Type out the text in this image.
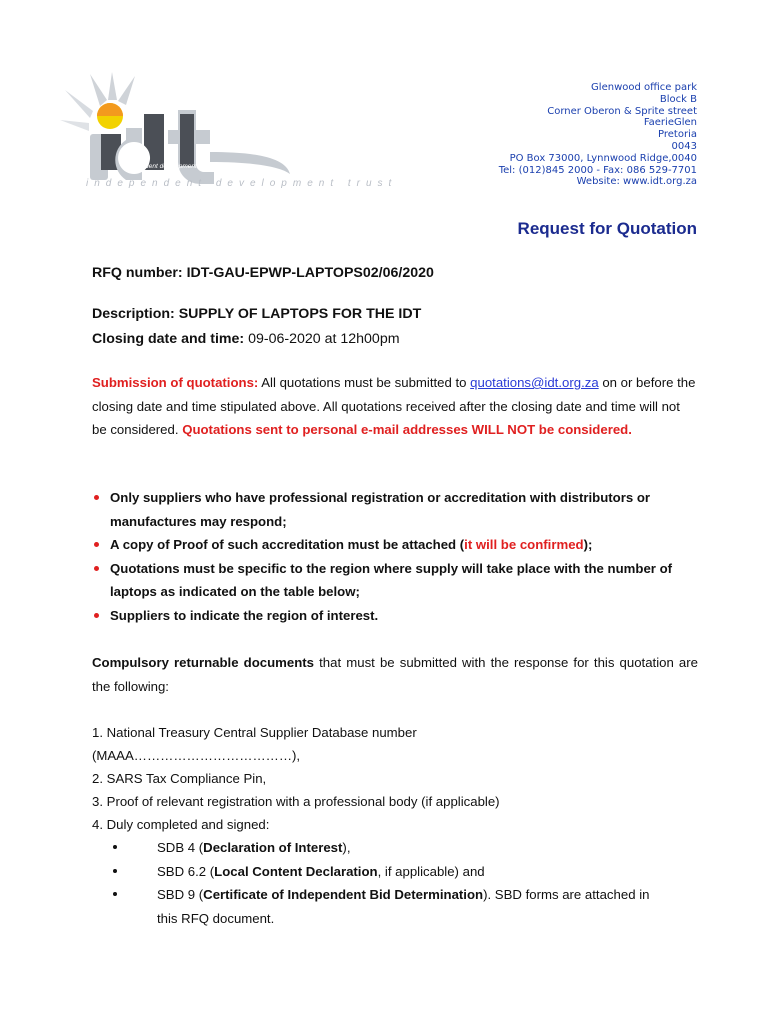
independent development trust
independent development trust
Glenwood office park
Block B
Corner Oberon & Sprite street
FaerieGlen
Pretoria
0043
PO Box 73000, Lynnwood Ridge,0040
Tel: (012)845 2000 - Fax: 086 529-7701
Website: www.idt.org.za
Request for Quotation
RFQ number: IDT-GAU-EPWP-LAPTOPS02/06/2020
Description: SUPPLY OF LAPTOPS FOR THE IDT
Closing date and time: 09-06-2020 at 12h00pm
Submission of quotations: All quotations must be submitted to quotations@idt.org.za on or before the closing date and time stipulated above. All quotations received after the closing date and time will not be considered. Quotations sent to personal e-mail addresses WILL NOT be considered.
Only suppliers who have professional registration or accreditation with distributors or manufactures may respond;
A copy of Proof of such accreditation must be attached (it will be confirmed);
Quotations must be specific to the region where supply will take place with the number of laptops as indicated on the table below;
Suppliers to indicate the region of interest.
Compulsory returnable documents that must be submitted with the response for this quotation are the following:
1. National Treasury Central Supplier Database number
(MAAA………………………………),
2. SARS Tax Compliance Pin,
3. Proof of relevant registration with a professional body (if applicable)
4. Duly completed and signed:
SDB 4 (Declaration of Interest),
SBD 6.2 (Local Content Declaration, if applicable) and
SBD 9 (Certificate of Independent Bid Determination). SBD forms are attached in this RFQ document.
